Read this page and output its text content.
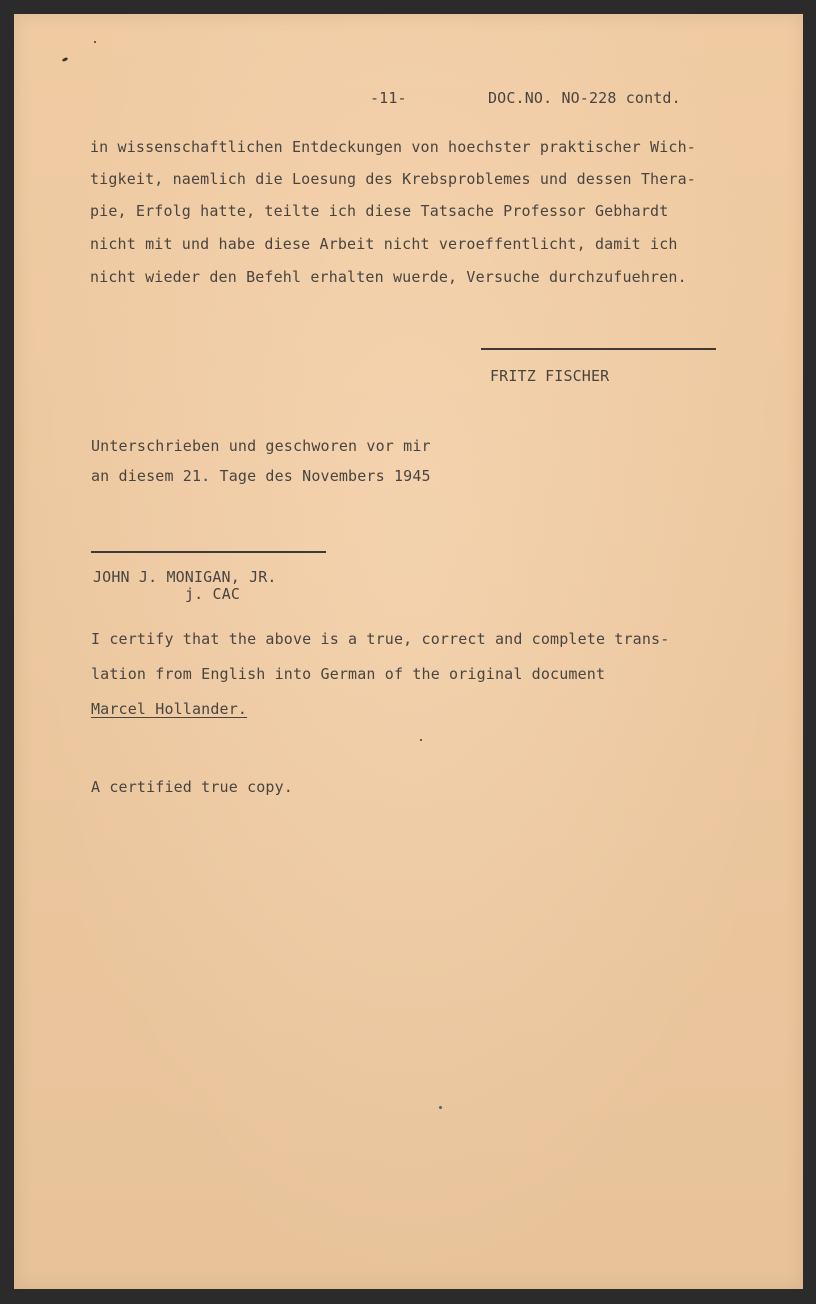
-11-	DOC.NO. NO-228 contd.
in wissenschaftlichen Entdeckungen von hoechster praktischer Wich-
tigkeit, naemlich die Loesung des Krebsproblemes und dessen Thera-
pie, Erfolg hatte, teilte ich diese Tatsache Professor Gebhardt
nicht mit und habe diese Arbeit nicht veroeffentlicht, damit ich
nicht wieder den Befehl erhalten wuerde, Versuche durchzufuehren.
FRITZ FISCHER
Unterschrieben und geschworen vor mir
an diesem 21. Tage des Novembers 1945
JOHN J. MONIGAN, JR.
j. CAC
I certify that the above is a true, correct and complete trans-
lation from English into German of the original document
Marcel Hollander.
A certified true copy.
